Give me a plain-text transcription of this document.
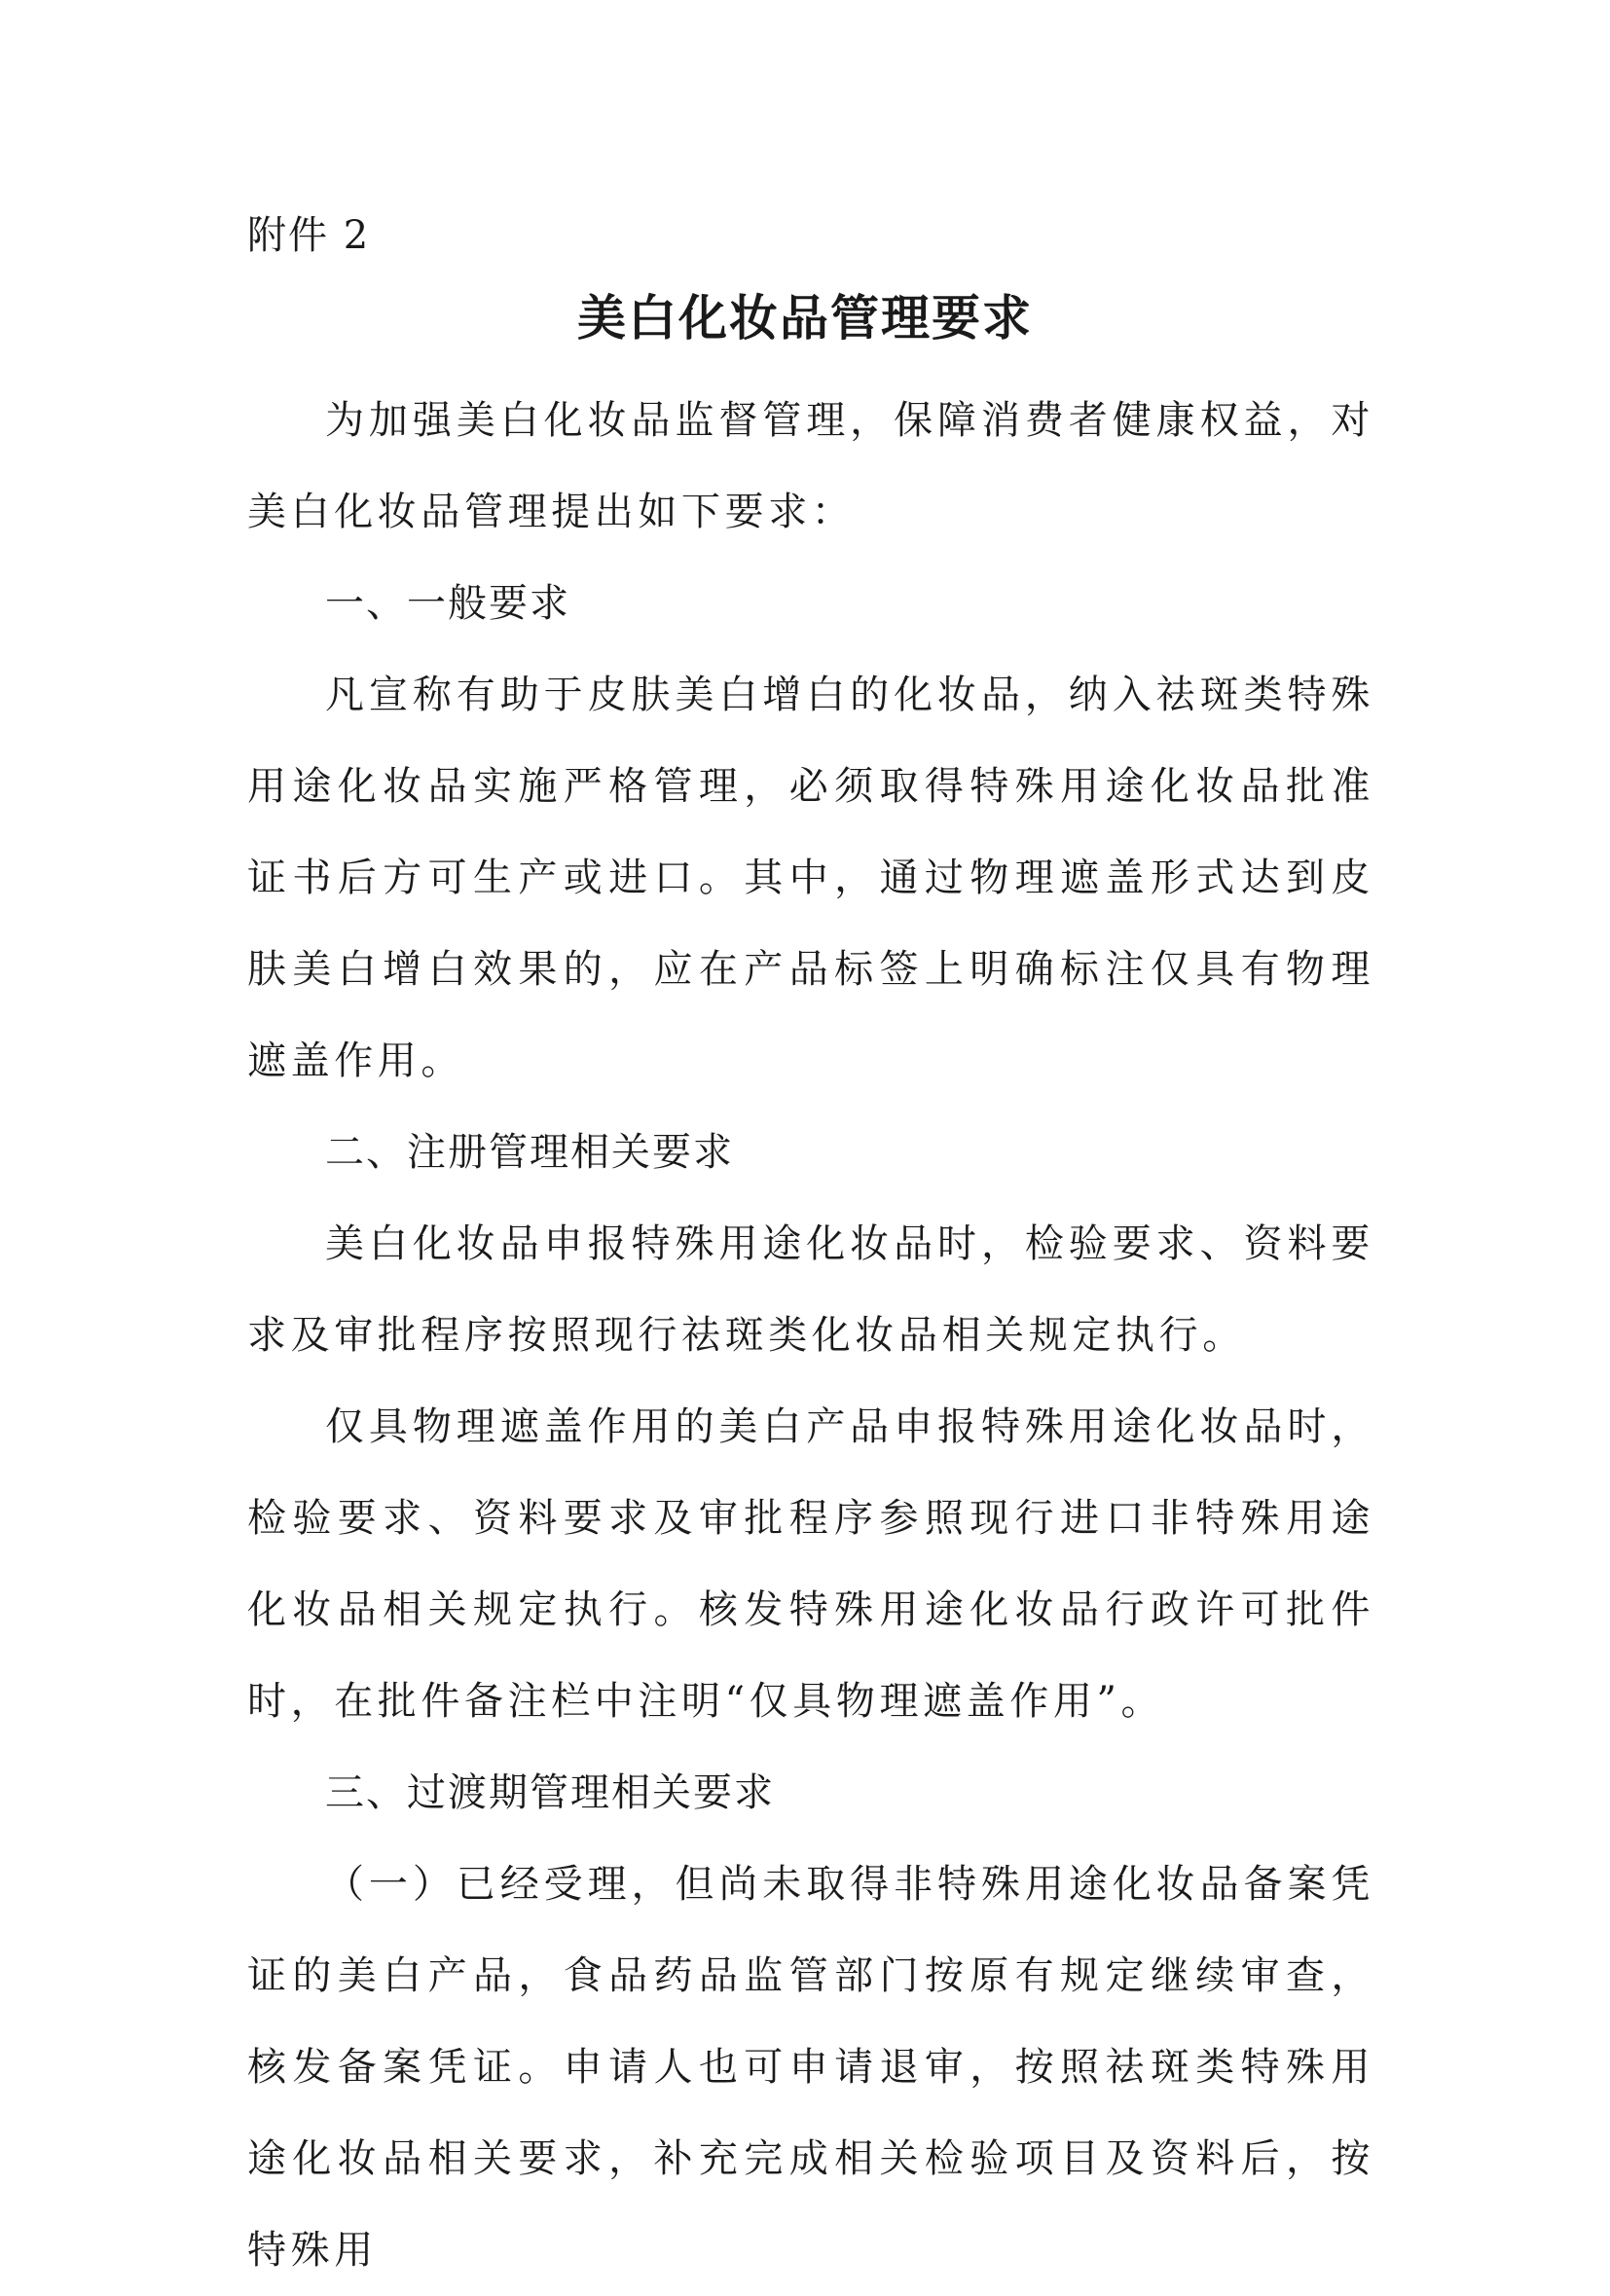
附件 2
美白化妆品管理要求

为加强美白化妆品监督管理，保障消费者健康权益，对美白化妆品管理提出如下要求：

一、一般要求

凡宣称有助于皮肤美白增白的化妆品，纳入祛斑类特殊用途化妆品实施严格管理，必须取得特殊用途化妆品批准证书后方可生产或进口。其中，通过物理遮盖形式达到皮肤美白增白效果的，应在产品标签上明确标注仅具有物理遮盖作用。

二、注册管理相关要求

美白化妆品申报特殊用途化妆品时，检验要求、资料要求及审批程序按照现行祛斑类化妆品相关规定执行。

仅具物理遮盖作用的美白产品申报特殊用途化妆品时，检验要求、资料要求及审批程序参照现行进口非特殊用途化妆品相关规定执行。核发特殊用途化妆品行政许可批件时，在批件备注栏中注明“仅具物理遮盖作用”。

三、过渡期管理相关要求

（一）已经受理，但尚未取得非特殊用途化妆品备案凭证的美白产品，食品药品监管部门按原有规定继续审查，核发备案凭证。申请人也可申请退审，按照祛斑类特殊用途化妆品相关要求，补充完成相关检验项目及资料后，按特殊用
